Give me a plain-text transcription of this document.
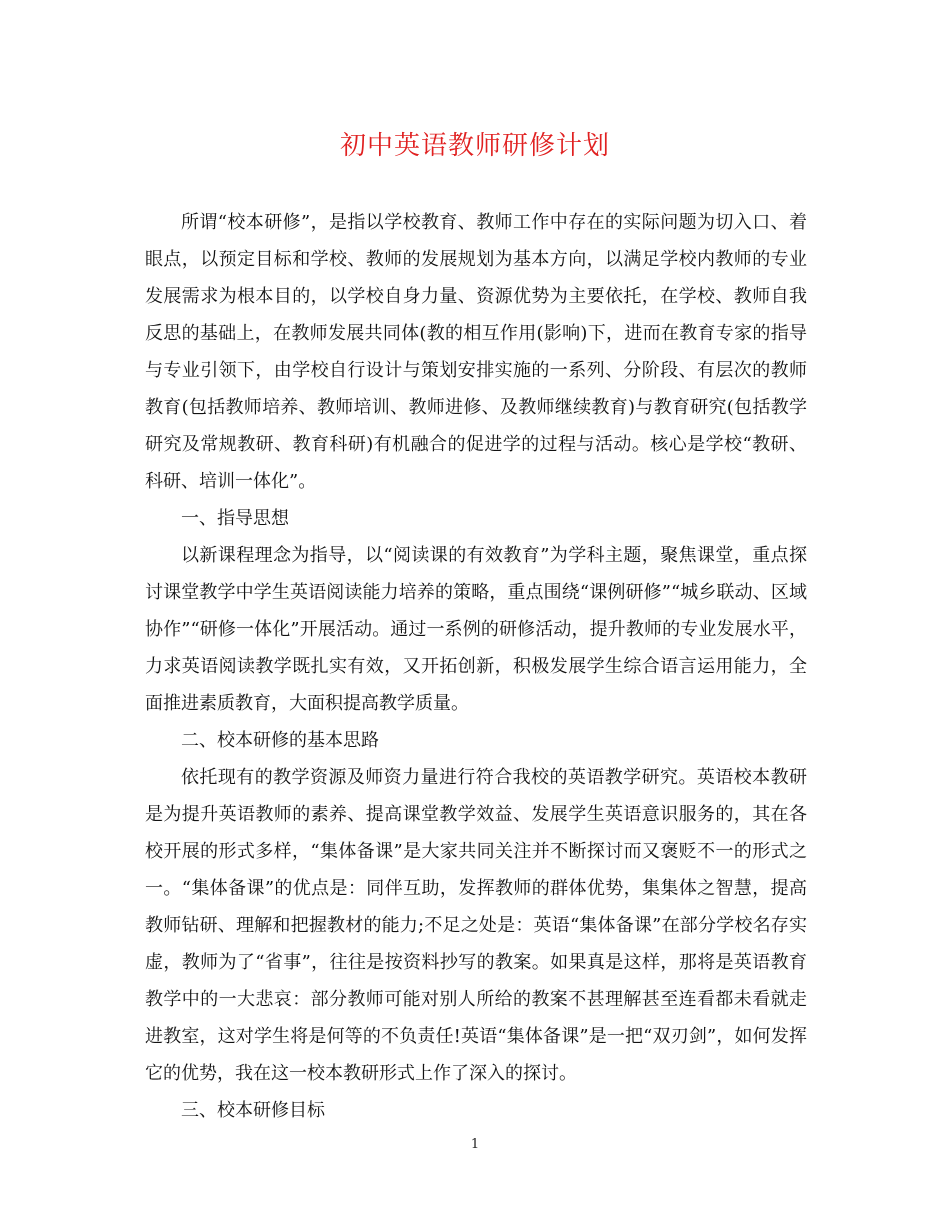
初中英语教师研修计划

所谓“校本研修”，是指以学校教育、教师工作中存在的实际问题为切入口、着眼点，以预定目标和学校、教师的发展规划为基本方向，以满足学校内教师的专业发展需求为根本目的，以学校自身力量、资源优势为主要依托，在学校、教师自我反思的基础上，在教师发展共同体(教的相互作用(影响)下，进而在教育专家的指导与专业引领下，由学校自行设计与策划安排实施的一系列、分阶段、有层次的教师教育(包括教师培养、教师培训、教师进修、及教师继续教育)与教育研究(包括教学研究及常规教研、教育科研)有机融合的促进学的过程与活动。核心是学校“教研、科研、培训一体化”。

一、指导思想

以新课程理念为指导，以“阅读课的有效教育”为学科主题，聚焦课堂，重点探讨课堂教学中学生英语阅读能力培养的策略，重点围绕“课例研修”“城乡联动、区域协作”“研修一体化”开展活动。通过一系例的研修活动，提升教师的专业发展水平，力求英语阅读教学既扎实有效，又开拓创新，积极发展学生综合语言运用能力，全面推进素质教育，大面积提高教学质量。

二、校本研修的基本思路

依托现有的教学资源及师资力量进行符合我校的英语教学研究。英语校本教研是为提升英语教师的素养、提高课堂教学效益、发展学生英语意识服务的，其在各校开展的形式多样，“集体备课”是大家共同关注并不断探讨而又褒贬不一的形式之一。“集体备课”的优点是：同伴互助，发挥教师的群体优势，集集体之智慧，提高教师钻研、理解和把握教材的能力;不足之处是：英语“集体备课”在部分学校名存实虚，教师为了“省事”，往往是按资料抄写的教案。如果真是这样，那将是英语教育教学中的一大悲哀：部分教师可能对别人所给的教案不甚理解甚至连看都未看就走进教室，这对学生将是何等的不负责任!英语“集体备课”是一把“双刃剑”，如何发挥它的优势，我在这一校本教研形式上作了深入的探讨。

三、校本研修目标

1
